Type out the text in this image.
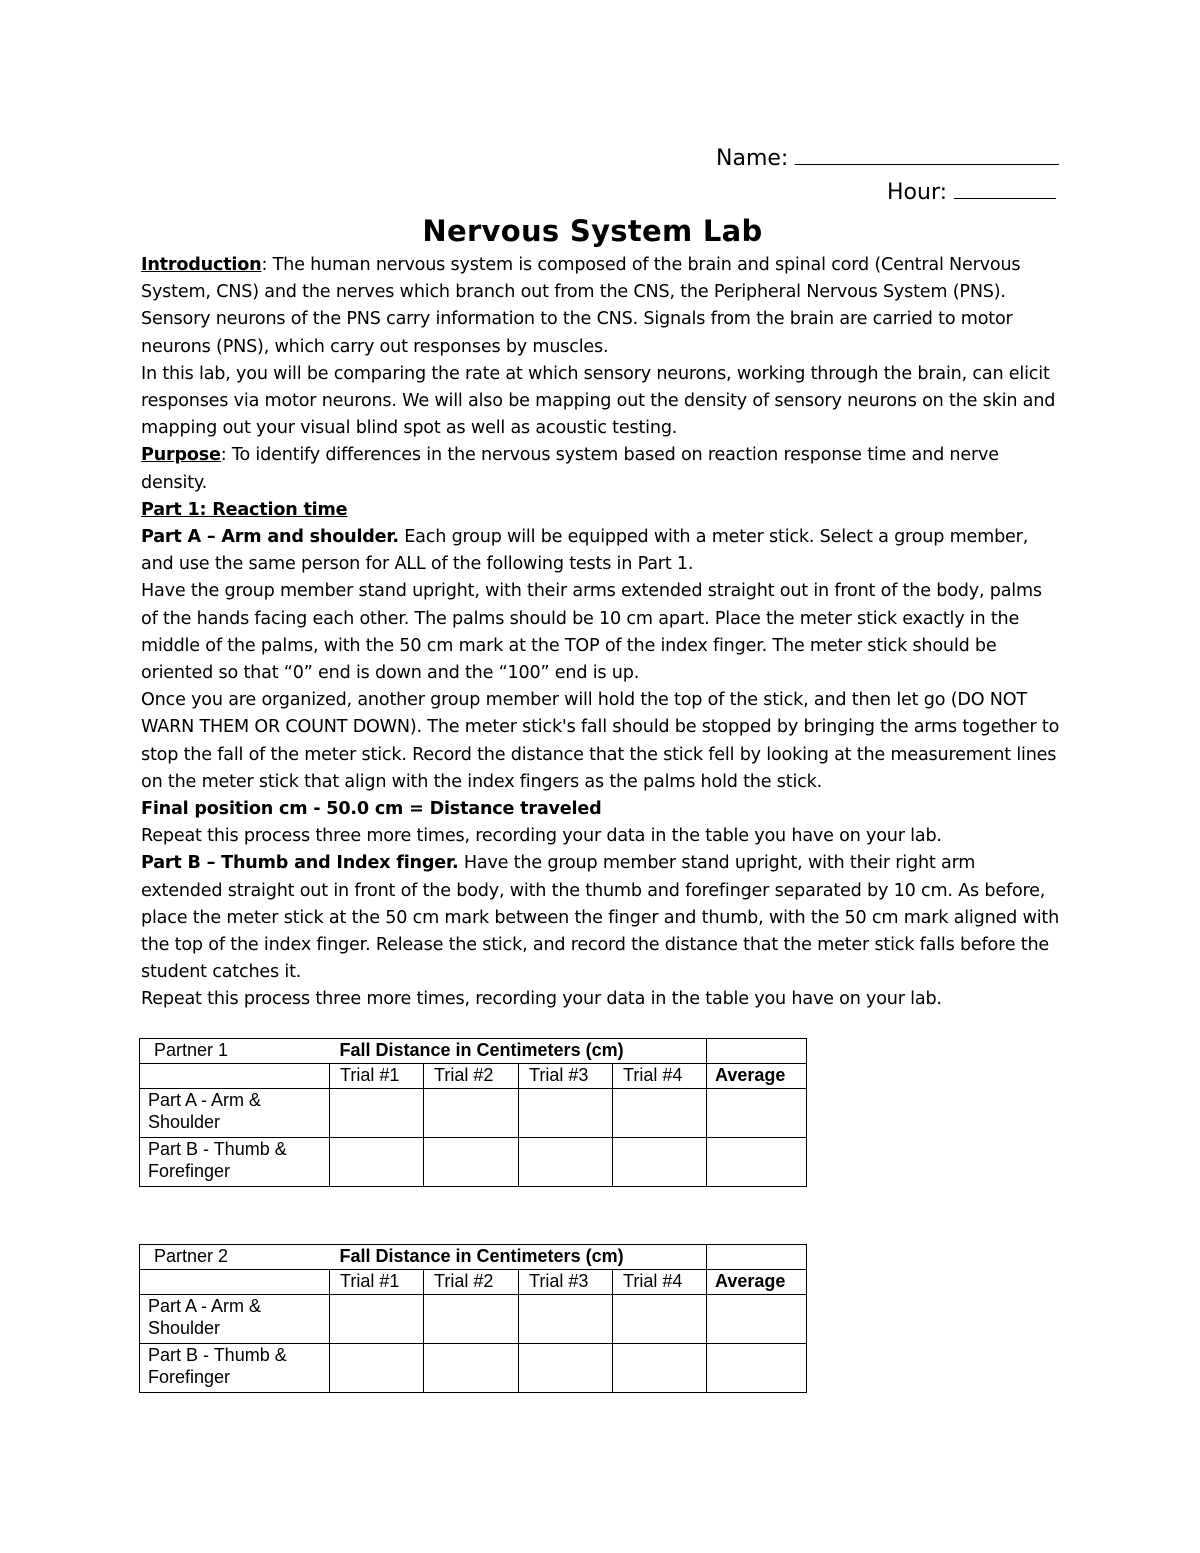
Name:
Hour:
Nervous System Lab

Introduction: The human nervous system is composed of the brain and spinal cord (Central Nervous System, CNS) and the nerves which branch out from the CNS, the Peripheral Nervous System (PNS). Sensory neurons of the PNS carry information to the CNS. Signals from the brain are carried to motor neurons (PNS), which carry out responses by muscles.

In this lab, you will be comparing the rate at which sensory neurons, working through the brain, can elicit responses via motor neurons. We will also be mapping out the density of sensory neurons on the skin and mapping out your visual blind spot as well as acoustic testing.

Purpose: To identify differences in the nervous system based on reaction response time and nerve density.

Part 1: Reaction time

Part A – Arm and shoulder. Each group will be equipped with a meter stick. Select a group member, and use the same person for ALL of the following tests in Part 1.

Have the group member stand upright, with their arms extended straight out in front of the body, palms of the hands facing each other. The palms should be 10 cm apart. Place the meter stick exactly in the middle of the palms, with the 50 cm mark at the TOP of the index finger. The meter stick should be oriented so that “0” end is down and the “100” end is up.

Once you are organized, another group member will hold the top of the stick, and then let go (DO NOT WARN THEM OR COUNT DOWN). The meter stick's fall should be stopped by bringing the arms together to stop the fall of the meter stick. Record the distance that the stick fell by looking at the measurement lines on the meter stick that align with the index fingers as the palms hold the stick.

Final position cm - 50.0 cm = Distance traveled

Repeat this process three more times, recording your data in the table you have on your lab.

Part B – Thumb and Index finger. Have the group member stand upright, with their right arm extended straight out in front of the body, with the thumb and forefinger separated by 10 cm. As before, place the meter stick at the 50 cm mark between the finger and thumb, with the 50 cm mark aligned with the top of the index finger. Release the stick, and record the distance that the meter stick falls before the student catches it.

Repeat this process three more times, recording your data in the table you have on your lab.

Partner 1	Fall Distance in Centimeters (cm)				
	Trial #1	Trial #2	Trial #3	Trial #4	Average
Part A - Arm & Shoulder					
Part B - Thumb & Forefinger					
Partner 2	Fall Distance in Centimeters (cm)				
	Trial #1	Trial #2	Trial #3	Trial #4	Average
Part A - Arm & Shoulder					
Part B - Thumb & Forefinger					
